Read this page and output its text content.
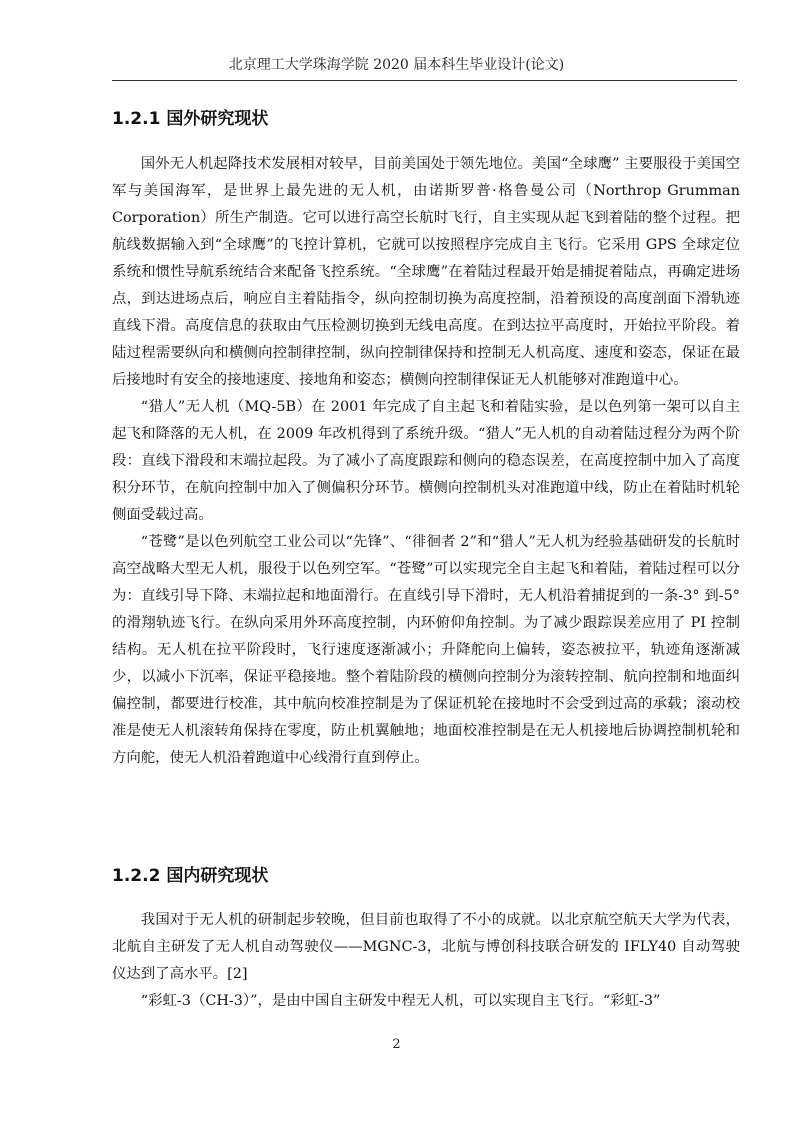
北京理工大学珠海学院 2020 届本科生毕业设计(论文)
1.2.1 国外研究现状

国外无人机起降技术发展相对较早，目前美国处于领先地位。美国“全球鹰” 主要服役于美国空军与美国海军，是世界上最先进的无人机，由诺斯罗普·格鲁曼公司（Northrop Grumman Corporation）所生产制造。它可以进行高空长航时飞行，自主实现从起飞到着陆的整个过程。把航线数据输入到“全球鹰”的飞控计算机，它就可以按照程序完成自主飞行。它采用 GPS 全球定位系统和惯性导航系统结合来配备飞控系统。“全球鹰”在着陆过程最开始是捕捉着陆点，再确定进场点，到达进场点后，响应自主着陆指令，纵向控制切换为高度控制，沿着预设的高度剖面下滑轨迹直线下滑。高度信息的获取由气压检测切换到无线电高度。在到达拉平高度时，开始拉平阶段。着陆过程需要纵向和横侧向控制律控制，纵向控制律保持和控制无人机高度、速度和姿态，保证在最后接地时有安全的接地速度、接地角和姿态；横侧向控制律保证无人机能够对准跑道中心。

“猎人”无人机（MQ-5B）在 2001 年完成了自主起飞和着陆实验，是以色列第一架可以自主起飞和降落的无人机，在 2009 年改机得到了系统升级。“猎人”无人机的自动着陆过程分为两个阶段：直线下滑段和末端拉起段。为了减小了高度跟踪和侧向的稳态误差，在高度控制中加入了高度积分环节，在航向控制中加入了侧偏积分环节。横侧向控制机头对准跑道中线，防止在着陆时机轮侧面受载过高。

“苍鹭”是以色列航空工业公司以“先锋”、“徘徊者 2”和“猎人”无人机为经验基础研发的长航时高空战略大型无人机，服役于以色列空军。“苍鹭”可以实现完全自主起飞和着陆，着陆过程可以分为：直线引导下降、末端拉起和地面滑行。在直线引导下滑时，无人机沿着捕捉到的一条-3° 到-5° 的滑翔轨迹飞行。在纵向采用外环高度控制，内环俯仰角控制。为了减少跟踪误差应用了 PI 控制结构。无人机在拉平阶段时，飞行速度逐渐减小；升降舵向上偏转，姿态被拉平，轨迹角逐渐减少，以减小下沉率，保证平稳接地。整个着陆阶段的横侧向控制分为滚转控制、航向控制和地面纠偏控制，都要进行校准，其中航向校准控制是为了保证机轮在接地时不会受到过高的承载；滚动校准是使无人机滚转角保持在零度，防止机翼触地；地面校准控制是在无人机接地后协调控制机轮和方向舵，使无人机沿着跑道中心线滑行直到停止。

1.2.2 国内研究现状

我国对于无人机的研制起步较晚，但目前也取得了不小的成就。以北京航空航天大学为代表，北航自主研发了无人机自动驾驶仪——MGNC-3，北航与博创科技联合研发的 IFLY40 自动驾驶仪达到了高水平。[2]

“彩虹-3（CH-3）”，是由中国自主研发中程无人机，可以实现自主飞行。“彩虹-3”

2
